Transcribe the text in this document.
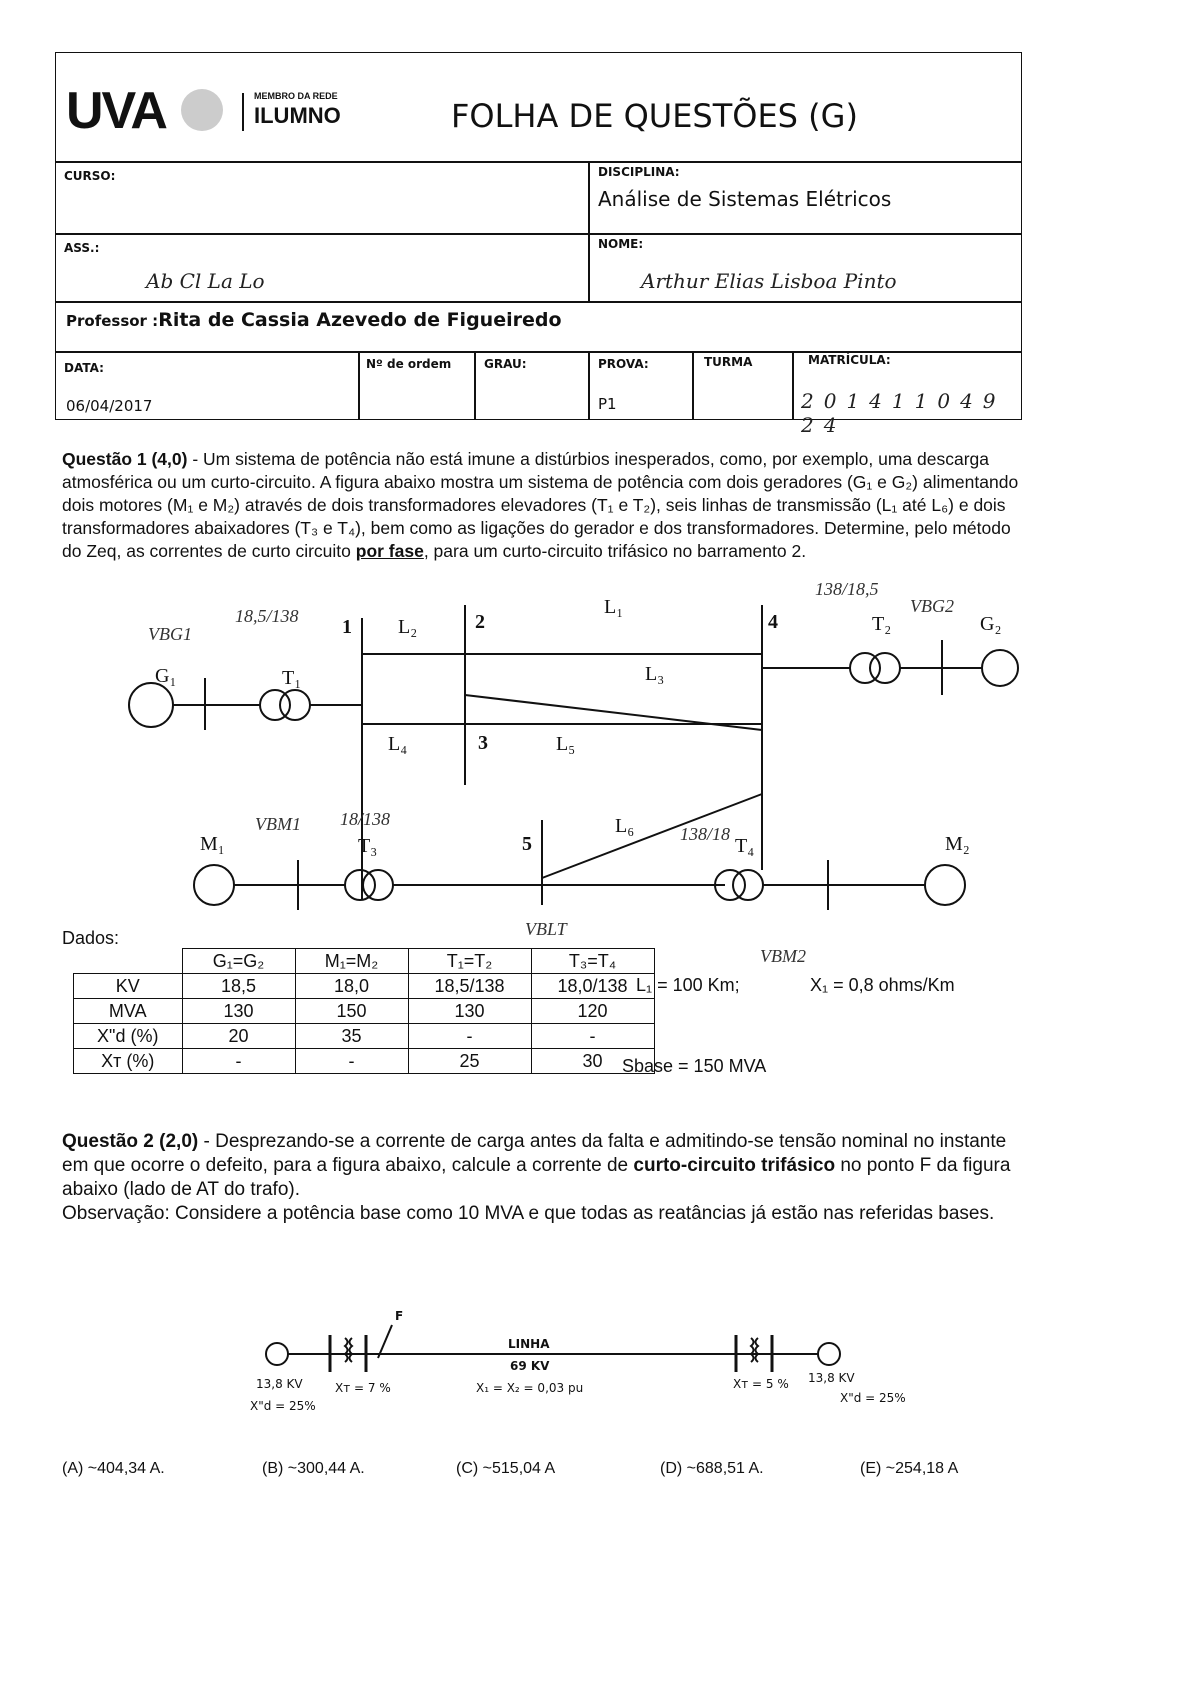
UVA	MEMBRO DA REDE
ILUMNO	FOLHA DE QUESTÕES (G)
CURSO:	DISCIPLINA:
Análise de Sistemas Elétricos
ASS.:
Ab Cl La Lo
NOME:
Arthur Elias Lisboa Pinto
Professor :Rita de Cassia Azevedo de Figueiredo
DATA:
06/04/2017
Nº de ordem	GRAU:	PROVA:
P1
TURMA	MATRÍCULA:
201411049 24
Questão 1 (4,0) - Um sistema de potência não está imune a distúrbios inesperados, como, por exemplo, uma descarga atmosférica ou um curto-circuito. A figura abaixo mostra um sistema de potência com dois geradores (G₁ e G₂) alimentando dois motores (M₁ e M₂) através de dois transformadores elevadores (T₁ e T₂), seis linhas de transmissão (L₁ até L₆) e dois transformadores abaixadores (T₃ e T₄), bem como as ligações do gerador e dos transformadores. Determine, pelo método do Zeq, as correntes de curto circuito por fase, para um curto-circuito trifásico no barramento 2.
G₁
G₂
M₁	M₂
T₁
T₂
T₃	T₄
L₁
L₂
L₃
L₄	L₅
L₆
1	2
3
4
5
VBG1
18,5/138
138/18,5
VBG2
VBM1 18/138
138/18
VBLT
VBM2
Dados:
	G₁=G₂	M₁=M₂	T₁=T₂	T₃=T₄
KV	18,5	18,0	18,5/138	18,0/138
MVA	130	150	130	120
X"d (%)	20	35	-	-
Xᴛ (%)	-	-	25	30
L₁ = 100 Km;	X₁ = 0,8 ohms/Km
Sbase = 150 MVA
Questão 2 (2,0) - Desprezando-se a corrente de carga antes da falta e admitindo-se tensão nominal no instante em que ocorre o defeito, para a figura abaixo, calcule a corrente de curto-circuito trifásico no ponto F da figura abaixo (lado de AT do trafo).
Observação: Considere a potência base como 10 MVA e que todas as reatâncias já estão nas referidas bases.
F
LINHA
69 KV
X₁ = X₂ = 0,03 pu
13,8 KV	Xᴛ = 7 %
X"d = 25%
Xᴛ = 5 % 13,8 KV
X"d = 25%
(A) ~404,34 A.	(B) ~300,44 A.	(C) ~515,04 A	(D) ~688,51 A.	(E) ~254,18 A
